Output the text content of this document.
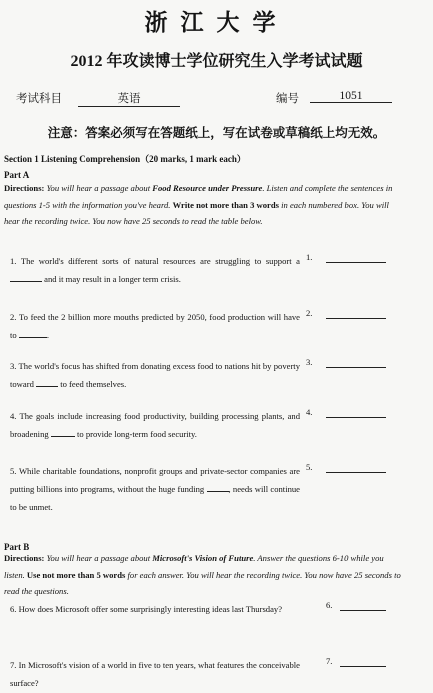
浙江大学
2012 年攻读博士学位研究生入学考试试题
考试科目	英语	编号	1051
注意：答案必须写在答题纸上，写在试卷或草稿纸上均无效。
Section 1 Listening Comprehension（20 marks, 1 mark each）
Part A
Directions: You will hear a passage about Food Resource under Pressure. Listen and complete the sentences in questions 1-5 with the information you've heard. Write not more than 3 words in each numbered box. You will hear the recording twice. You now have 25 seconds to read the table below.
1. The world's different sorts of natural resources are struggling to support a  and it may result in a longer term crisis.
1.
2. To feed the 2 billion more mouths predicted by 2050, food production will have to	.
2.
3. The world's focus has shifted from donating excess food to nations hit by poverty toward	to feed themselves.
3.
4. The goals include increasing food productivity, building processing plants, and broadening	to provide long-term food security.
4.
5. While charitable foundations, nonprofit groups and private-sector companies are putting billions into programs, without the huge funding	, needs will continue to be unmet.
5.
Part B
Directions: You will hear a passage about Microsoft's Vision of Future. Answer the questions 6-10 while you listen. Use not more than 5 words for each answer. You will hear the recording twice. You now have 25 seconds to read the questions.
6. How does Microsoft offer some surprisingly interesting ideas last Thursday?	6.
7. In Microsoft's vision of a world in five to ten years, what features the conceivable surface?
7.
